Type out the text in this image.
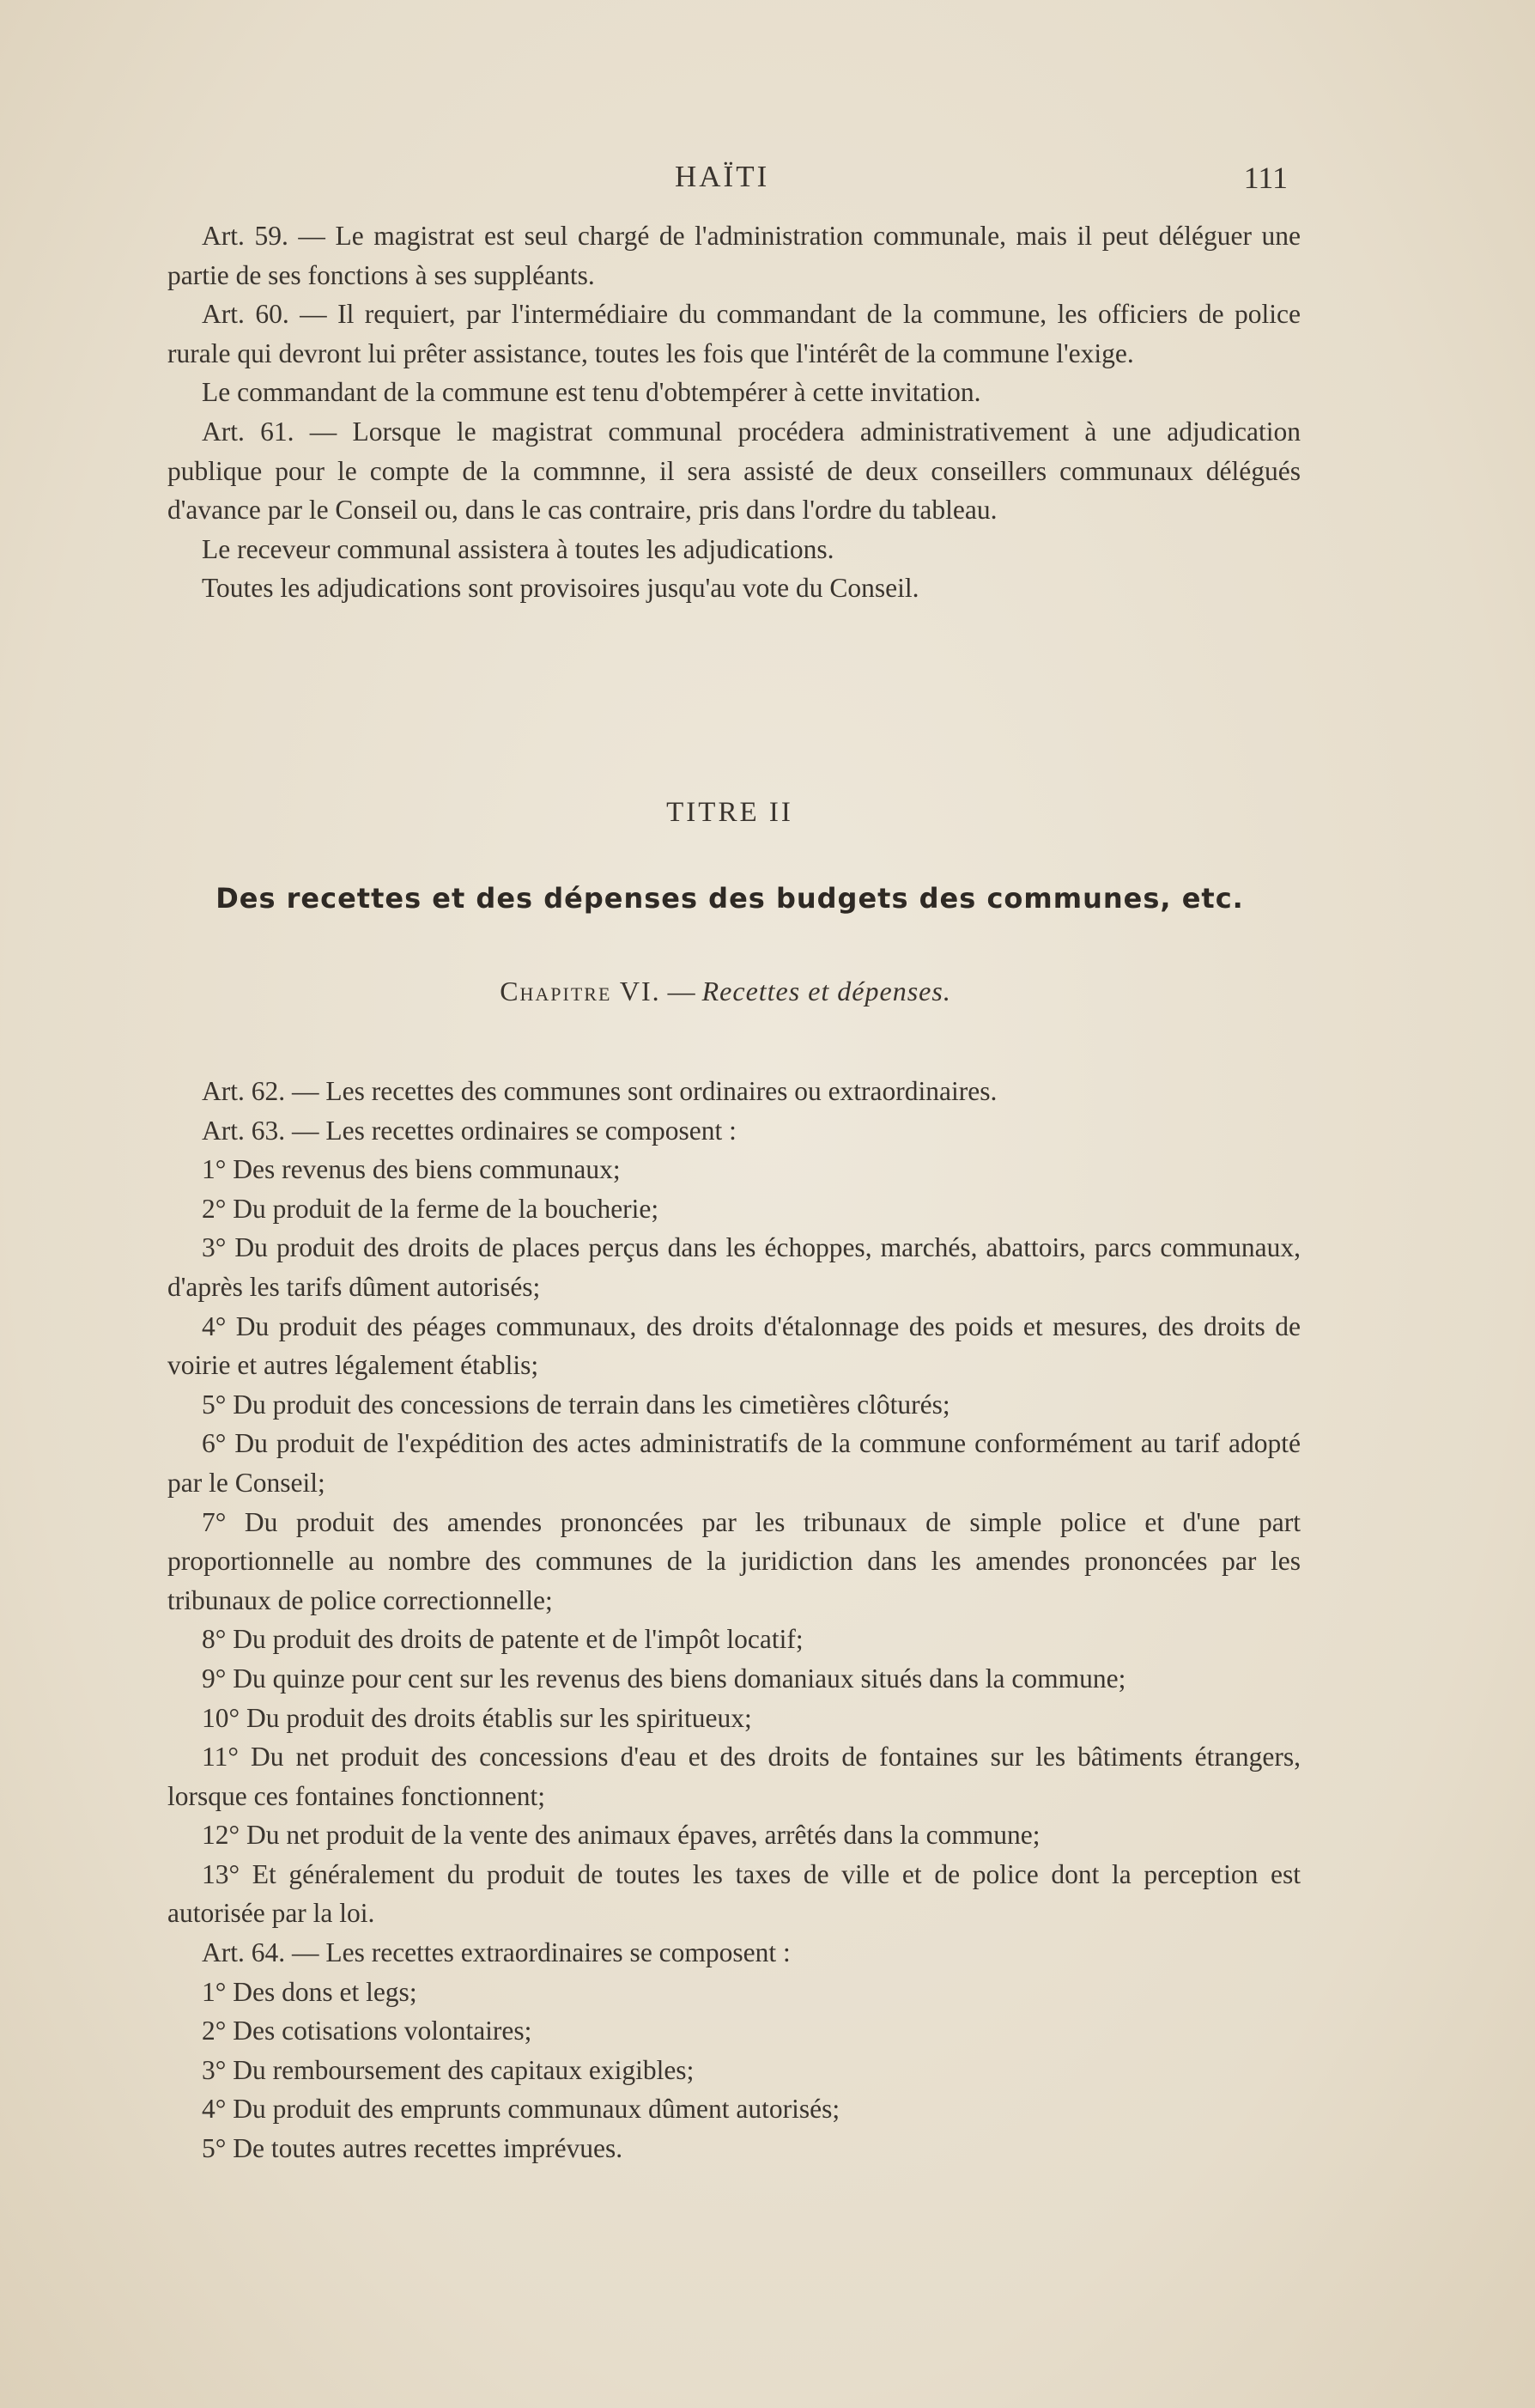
HAÏTI	111

Art. 59. — Le magistrat est seul chargé de l'administration communale, mais il peut déléguer une partie de ses fonctions à ses suppléants.

Art. 60. — Il requiert, par l'intermédiaire du commandant de la commune, les officiers de police rurale qui devront lui prêter assistance, toutes les fois que l'intérêt de la commune l'exige.

Le commandant de la commune est tenu d'obtempérer à cette invitation.

Art. 61. — Lorsque le magistrat communal procédera administrativement à une adjudication publique pour le compte de la commnne, il sera assisté de deux conseillers communaux délégués d'avance par le Conseil ou, dans le cas contraire, pris dans l'ordre du tableau.

Le receveur communal assistera à toutes les adjudications.

Toutes les adjudications sont provisoires jusqu'au vote du Conseil.

TITRE II
Des recettes et des dépenses des budgets des communes, etc.
Chapitre VI. — Recettes et dépenses.

Art. 62. — Les recettes des communes sont ordinaires ou extraordinaires.

Art. 63. — Les recettes ordinaires se composent :

1° Des revenus des biens communaux;

2° Du produit de la ferme de la boucherie;

3° Du produit des droits de places perçus dans les échoppes, marchés, abattoirs, parcs communaux, d'après les tarifs dûment autorisés;

4° Du produit des péages communaux, des droits d'étalonnage des poids et mesures, des droits de voirie et autres légalement établis;

5° Du produit des concessions de terrain dans les cimetières clôturés;

6° Du produit de l'expédition des actes administratifs de la commune conformément au tarif adopté par le Conseil;

7° Du produit des amendes prononcées par les tribunaux de simple police et d'une part proportionnelle au nombre des communes de la juridiction dans les amendes prononcées par les tribunaux de police correctionnelle;

8° Du produit des droits de patente et de l'impôt locatif;

9° Du quinze pour cent sur les revenus des biens domaniaux situés dans la commune;

10° Du produit des droits établis sur les spiritueux;

11° Du net produit des concessions d'eau et des droits de fontaines sur les bâtiments étrangers, lorsque ces fontaines fonctionnent;

12° Du net produit de la vente des animaux épaves, arrêtés dans la commune;

13° Et généralement du produit de toutes les taxes de ville et de police dont la perception est autorisée par la loi.

Art. 64. — Les recettes extraordinaires se composent :

1° Des dons et legs;

2° Des cotisations volontaires;

3° Du remboursement des capitaux exigibles;

4° Du produit des emprunts communaux dûment autorisés;

5° De toutes autres recettes imprévues.
